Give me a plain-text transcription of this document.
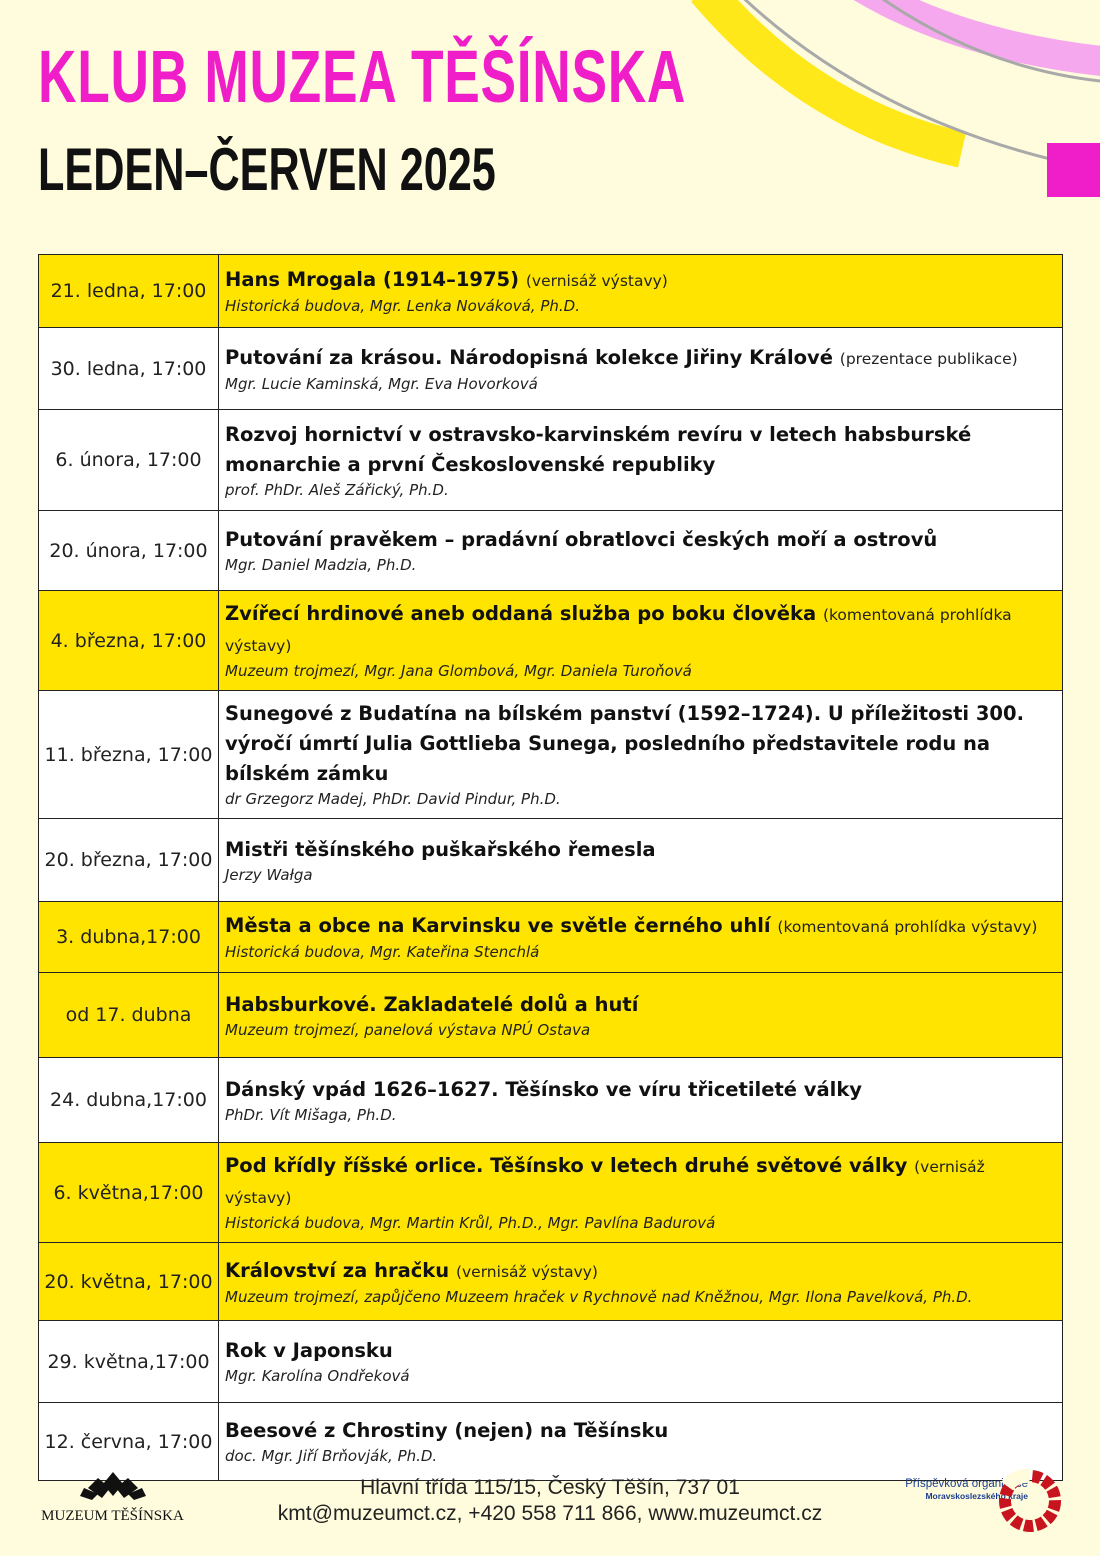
KLUB MUZEA TĚŠÍNSKA
LEDEN–ČERVEN 2025
21. ledna, 17:00	Hans Mrogala (1914–1975) (vernisáž výstavy)
Historická budova, Mgr. Lenka Nováková, Ph.D.

30. ledna, 17:00	Putování za krásou. Národopisná kolekce Jiřiny Králové (prezentace publikace)
Mgr. Lucie Kaminská, Mgr. Eva Hovorková

6. února, 17:00	Rozvoj hornictví v ostravsko-karvinském revíru v letech habsburské monarchie a první Československé republiky
prof. PhDr. Aleš Zářický, Ph.D.

20. února, 17:00	Putování pravěkem – pradávní obratlovci českých moří a ostrovů
Mgr. Daniel Madzia, Ph.D.

4. března, 17:00	Zvířecí hrdinové aneb oddaná služba po boku člověka (komentovaná prohlídka výstavy)
Muzeum trojmezí, Mgr. Jana Glombová, Mgr. Daniela Turoňová

11. března, 17:00	Sunegové z Budatína na bílském panství (1592–1724). U příležitosti 300. výročí úmrtí Julia Gottlieba Sunega, posledního představitele rodu na bílském zámku
dr Grzegorz Madej, PhDr. David Pindur, Ph.D.

20. března, 17:00	Mistři těšínského puškařského řemesla
Jerzy Wałga

3. dubna,17:00	Města a obce na Karvinsku ve světle černého uhlí (komentovaná prohlídka výstavy)
Historická budova, Mgr. Kateřina Stenchlá

od 17. dubna	Habsburkové. Zakladatelé dolů a hutí
Muzeum trojmezí, panelová výstava NPÚ Ostava

24. dubna,17:00	Dánský vpád 1626–1627. Těšínsko ve víru třicetileté války
PhDr. Vít Mišaga, Ph.D.

6. května,17:00	Pod křídly říšské orlice. Těšínsko v letech druhé světové války (vernisáž výstavy)
Historická budova, Mgr. Martin Krůl, Ph.D., Mgr. Pavlína Badurová

20. května, 17:00	Království za hračku (vernisáž výstavy)
Muzeum trojmezí, zapůjčeno Muzeem hraček v Rychnově nad Kněžnou, Mgr. Ilona Pavelková, Ph.D.

29. května,17:00	Rok v Japonsku
Mgr. Karolína Ondřeková

12. června, 17:00	Beesové z Chrostiny (nejen) na Těšínsku
doc. Mgr. Jiří Brňovják, Ph.D.
MUZEUM TĚŠÍNSKA
Hlavní třída 115/15, Český Těšín, 737 01
kmt@muzeumct.cz, +420 558 711 866, www.muzeumct.cz
Příspěvková organizace
Moravskoslezského kraje
